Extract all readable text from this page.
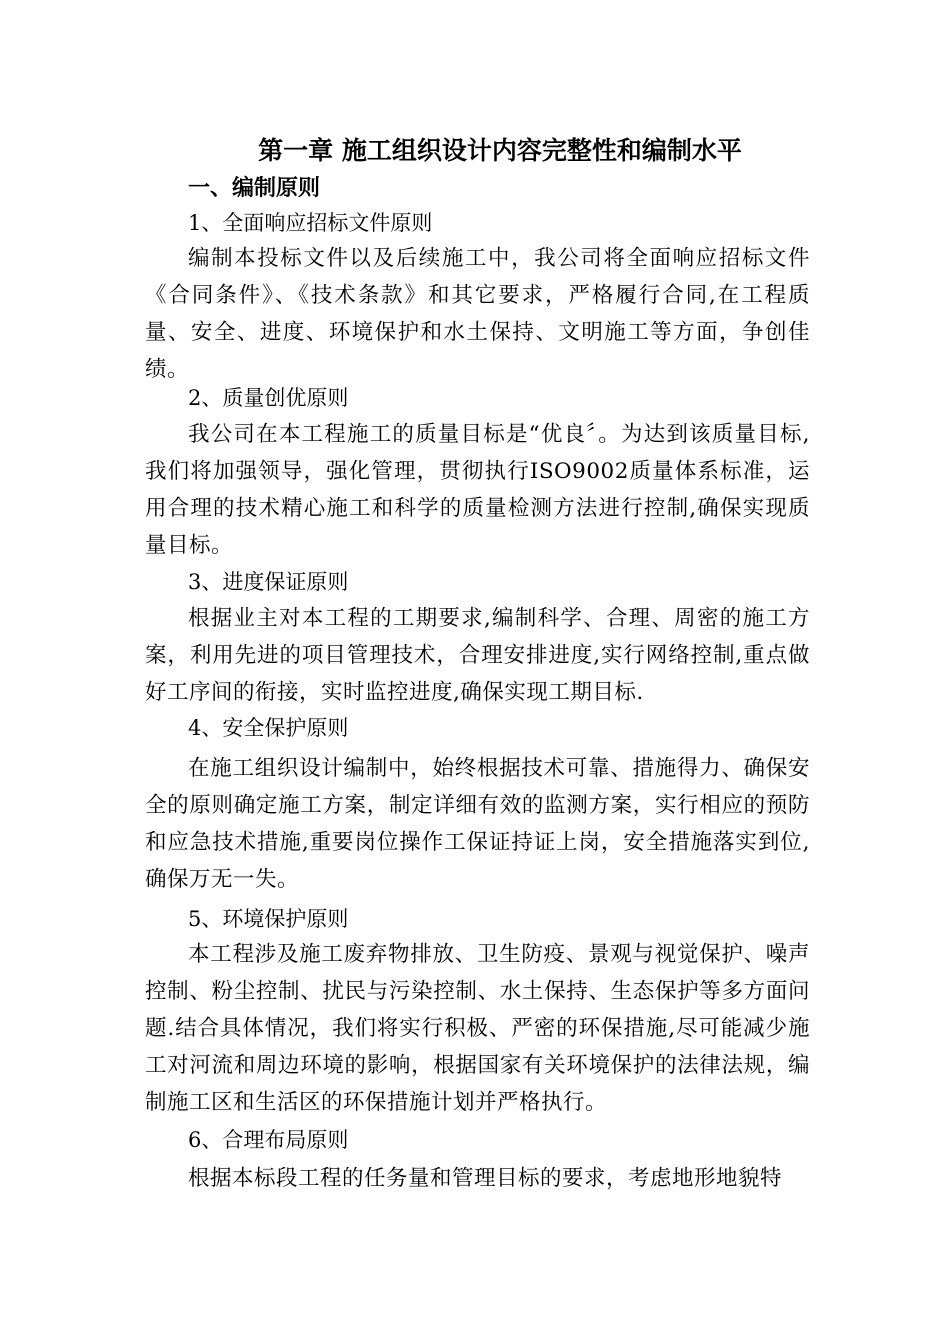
第一章 施工组织设计内容完整性和编制水平
一、编制原则
1、全面响应招标文件原则
编制本投标文件以及后续施工中，我公司将全面响应招标文件《合同条件》、《技术条款》和其它要求，严格履行合同,在工程质量、安全、进度、环境保护和水土保持、文明施工等方面，争创佳绩。
2、质量创优原则
我公司在本工程施工的质量目标是“优良〞。为达到该质量目标,我们将加强领导，强化管理，贯彻执行ISO9002质量体系标准，运用合理的技术精心施工和科学的质量检测方法进行控制,确保实现质量目标。
3、进度保证原则
根据业主对本工程的工期要求,编制科学、合理、周密的施工方案，利用先进的项目管理技术，合理安排进度,实行网络控制,重点做好工序间的衔接，实时监控进度,确保实现工期目标.
4、安全保护原则
在施工组织设计编制中，始终根据技术可靠、措施得力、确保安全的原则确定施工方案，制定详细有效的监测方案，实行相应的预防和应急技术措施,重要岗位操作工保证持证上岗，安全措施落实到位,确保万无一失。
5、环境保护原则
本工程涉及施工废弃物排放、卫生防疫、景观与视觉保护、噪声控制、粉尘控制、扰民与污染控制、水土保持、生态保护等多方面问题.结合具体情况，我们将实行积极、严密的环保措施,尽可能减少施工对河流和周边环境的影响，根据国家有关环境保护的法律法规，编制施工区和生活区的环保措施计划并严格执行。
6、合理布局原则
根据本标段工程的任务量和管理目标的要求，考虑地形地貌特
